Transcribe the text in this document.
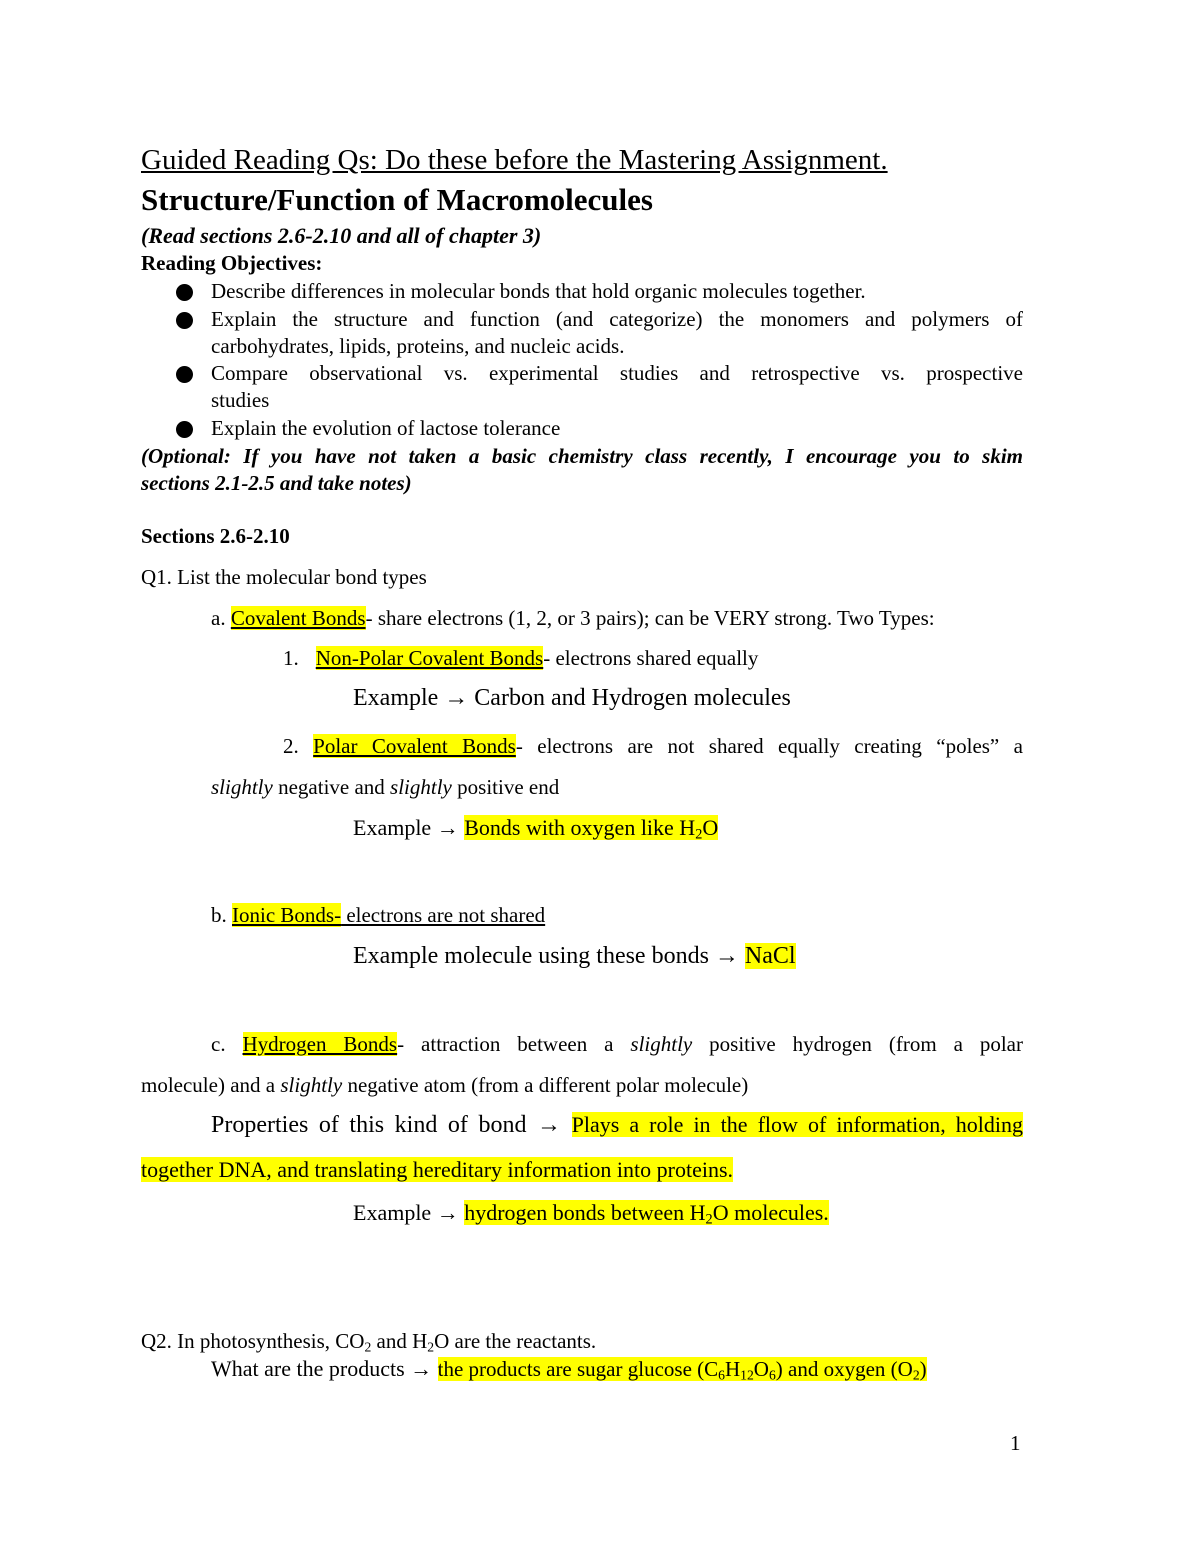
Guided Reading Qs: Do these before the Mastering Assignment.
Structure/Function of Macromolecules
(Read sections 2.6-2.10 and all of chapter 3)
Reading Objectives:
Describe differences in molecular bonds that hold organic molecules together.
Explain the structure and function (and categorize) the monomers and polymers of
carbohydrates, lipids, proteins, and nucleic acids.
Compare observational vs. experimental studies and retrospective vs. prospective
studies
Explain the evolution of lactose tolerance
(Optional: If you have not taken a basic chemistry class recently, I encourage you to skim
sections 2.1-2.5 and take notes)
Sections 2.6-2.10
Q1. List the molecular bond types
a. Covalent Bonds- share electrons (1, 2, or 3 pairs); can be VERY strong. Two Types:
1. Non-Polar Covalent Bonds- electrons shared equally
Example → Carbon and Hydrogen molecules
2. Polar Covalent Bonds- electrons are not shared equally creating “poles” a
slightly negative and slightly positive end
Example → Bonds with oxygen like $H_2O$
b. Ionic Bonds- electrons are not shared
Example molecule using these bonds → NaCl
c. Hydrogen Bonds- attraction between a slightly positive hydrogen (from a polar
molecule) and a slightly negative atom (from a different polar molecule)
Properties of this kind of bond → Plays a role in the flow of information, holding
together DNA, and translating hereditary information into proteins.
Example → hydrogen bonds between $H_2O$ molecules.
Q2. In photosynthesis, $CO_2$ and $H_2O$ are the reactants.
What are the products → the products are sugar glucose $(C_6H_{12}O_6)$ and oxygen $(O_2)$
1
